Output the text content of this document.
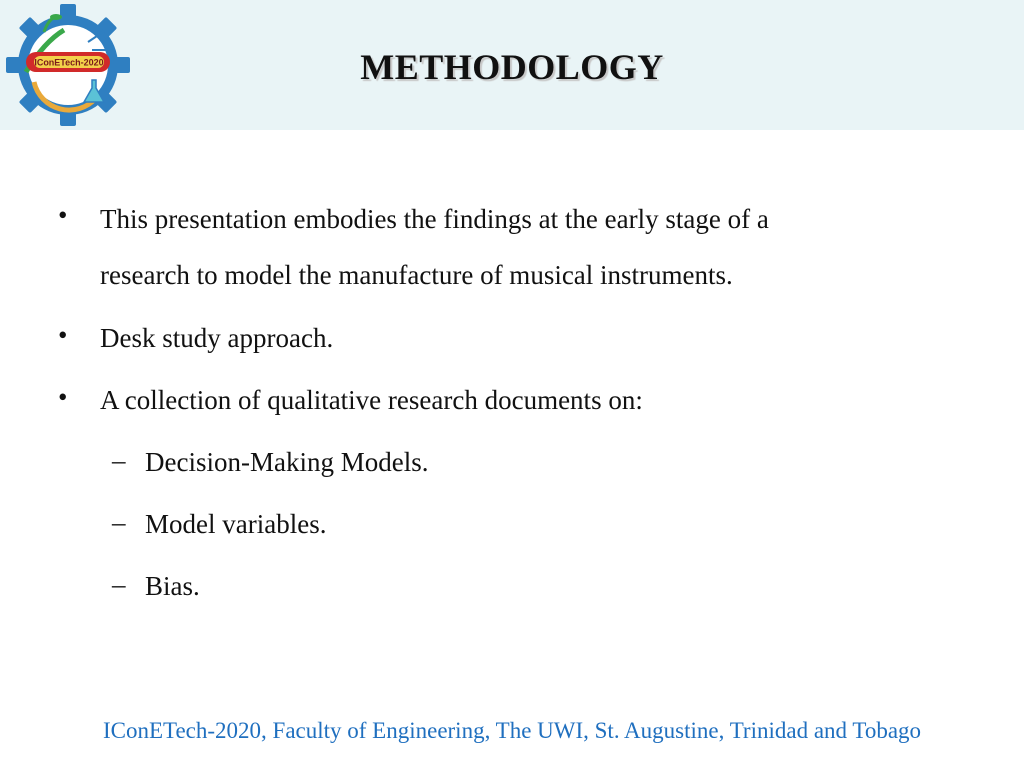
IConETech-2020	METHODOLOGY
• This presentation embodies the findings at the early stage of a
research to model the manufacture of musical instruments.
• Desk study approach.
• A collection of qualitative research documents on:
– Decision-Making Models.
– Model variables.
– Bias.
IConETech-2020, Faculty of Engineering, The UWI, St. Augustine, Trinidad and Tobago
